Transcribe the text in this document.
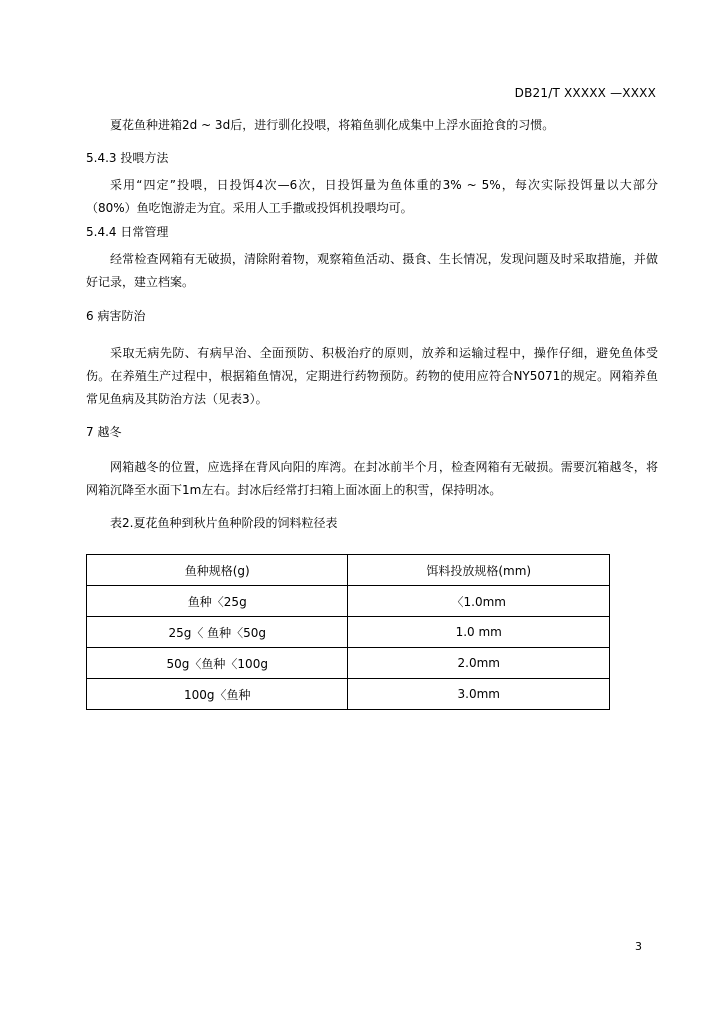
DB21/T XXXXX —XXXX
夏花鱼种进箱2d ~ 3d后，进行驯化投喂，将箱鱼驯化成集中上浮水面抢食的习惯。
5.4.3 投喂方法
采用“四定”投喂，日投饵4次—6次，日投饵量为鱼体重的3% ~ 5%，每次实际投饵量以大部分（80%）鱼吃饱游走为宜。采用人工手撒或投饵机投喂均可。
5.4.4 日常管理
经常检查网箱有无破损，清除附着物，观察箱鱼活动、摄食、生长情况，发现问题及时采取措施，并做好记录，建立档案。
6 病害防治
采取无病先防、有病早治、全面预防、积极治疗的原则，放养和运输过程中，操作仔细，避免鱼体受伤。在养殖生产过程中，根据箱鱼情况，定期进行药物预防。药物的使用应符合NY5071的规定。网箱养鱼常见鱼病及其防治方法（见表3）。
7 越冬
网箱越冬的位置，应选择在背风向阳的库湾。在封冰前半个月，检查网箱有无破损。需要沉箱越冬，将网箱沉降至水面下1m左右。封冰后经常打扫箱上面冰面上的积雪，保持明冰。
表2.夏花鱼种到秋片鱼种阶段的饲料粒径表
鱼种规格(g)	饵料投放规格(mm)
鱼种〈25g	〈1.0mm
25g〈 鱼种〈50g	1.0 mm
50g〈鱼种〈100g	2.0mm
100g〈鱼种	3.0mm
3
